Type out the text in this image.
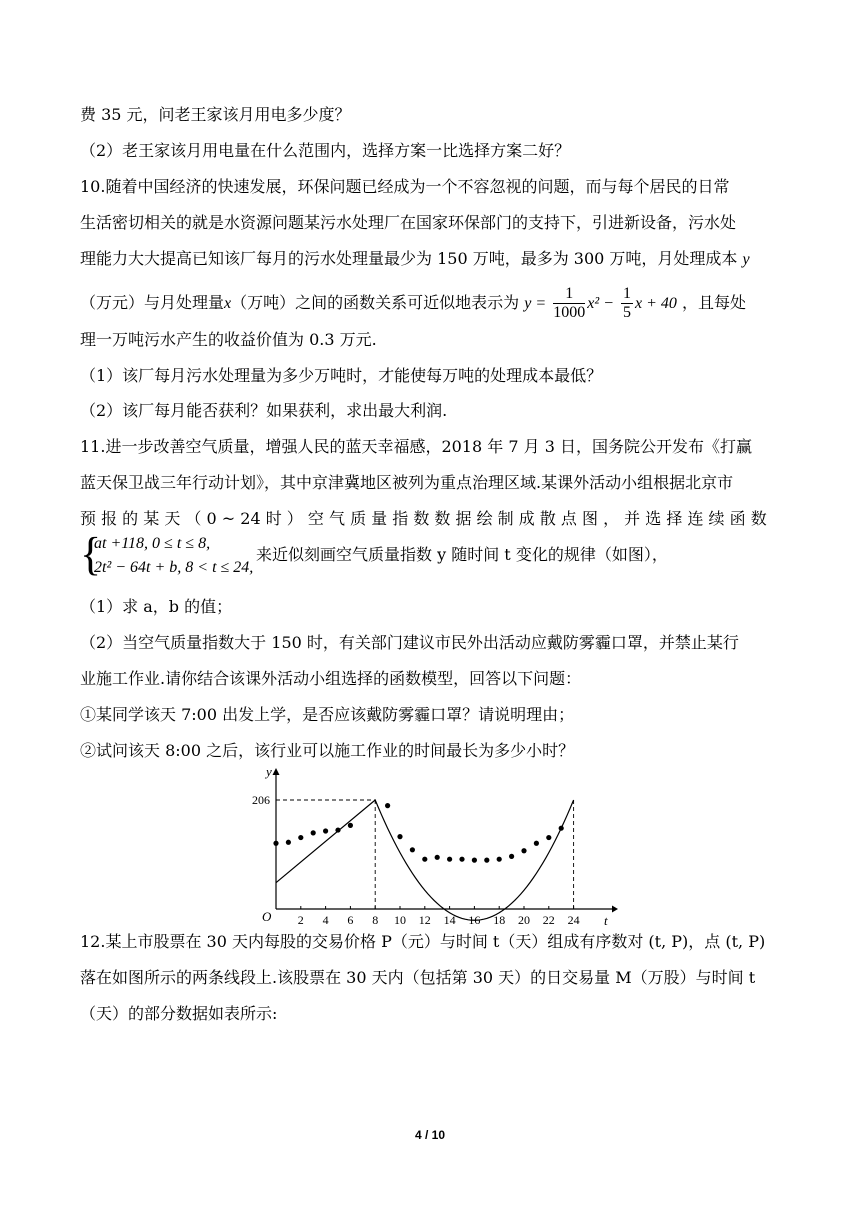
费 35 元，问老王家该月用电多少度？
（2）老王家该月用电量在什么范围内，选择方案一比选择方案二好？
10.随着中国经济的快速发展，环保问题已经成为一个不容忽视的问题，而与每个居民的日常
生活密切相关的就是水资源问题某污水处理厂在国家环保部门的支持下，引进新设备，污水处
理能力大大提高已知该厂每月的污水处理量最少为 150 万吨，最多为 300 万吨，月处理成本 y
（万元）与月处理量x（万吨）之间的函数关系可近似地表示为 $y = \frac{1}{1000} x^2 - \frac{1}{5}$ x + 40 ，且每处
理一万吨污水产生的收益价值为 0.3 万元.
（1）该厂每月污水处理量为多少万吨时，才能使每万吨的处理成本最低？
（2）该厂每月能否获利？如果获利，求出最大利润.
11.进一步改善空气质量，增强人民的蓝天幸福感，2018 年 7 月 3 日，国务院公开发布《打赢
蓝天保卫战三年行动计划》，其中京津冀地区被列为重点治理区域.某课外活动小组根据北京市
预 报 的 某 天 （ 0 ~ 24 时 ） 空 气 质 量 指 数 数 据 绘 制 成 散 点 图 ， 并 选 择 连 续 函 数
{
at +118, 0 ≤ t ≤ 8,
2t² − 64t + b, 8 < t ≤ 24,
来近似刻画空气质量指数 y 随时间 t 变化的规律（如图），
（1）求 a，b 的值；
（2）当空气质量指数大于 150 时，有关部门建议市民外出活动应戴防雾霾口罩，并禁止某行
业施工作业.请你结合该课外活动小组选择的函数模型，回答以下问题：
①某同学该天 7:00 出发上学，是否应该戴防雾霾口罩？请说明理由；
②试问该天 8:00 之后，该行业可以施工作业的时间最长为多少小时？
y
t
O 2 4 6 8 10 12 14 16 18 20 22 24
206
12.某上市股票在 30 天内每股的交易价格 P（元）与时间 t（天）组成有序数对 (t, P)，点 (t, P)
落在如图所示的两条线段上.该股票在 30 天内（包括第 30 天）的日交易量 M（万股）与时间 t
（天）的部分数据如表所示:
4 / 10
